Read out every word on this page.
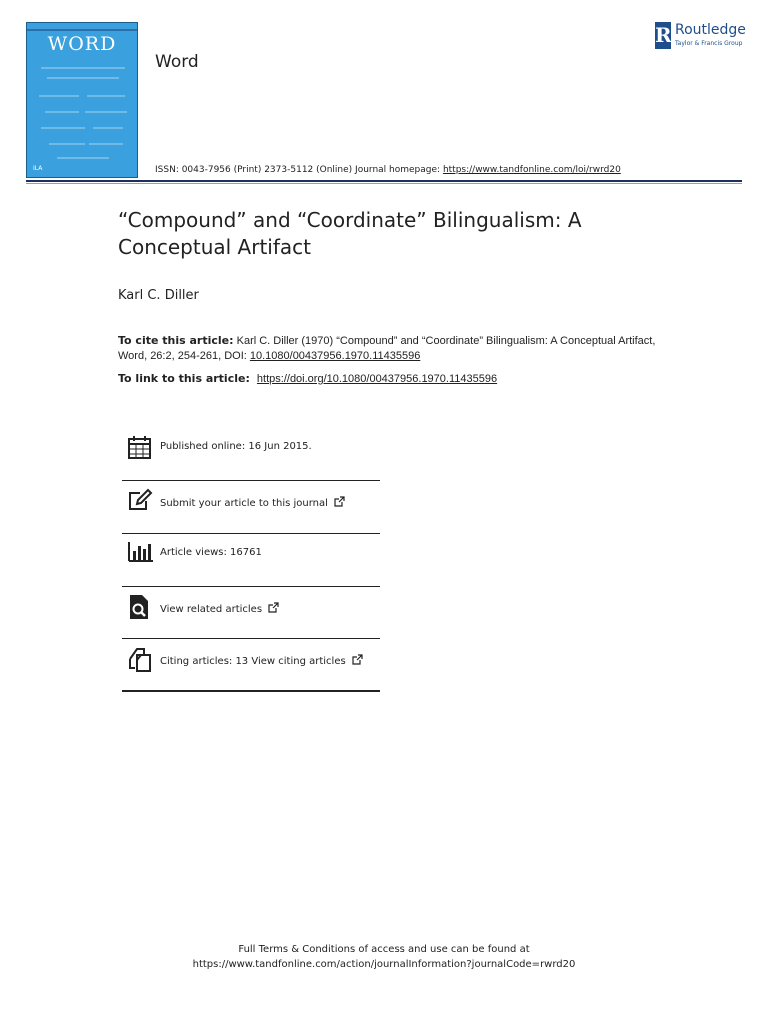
WORD
ILA
Word
R Routledge
Taylor & Francis Group
ISSN: 0043-7956 (Print) 2373-5112 (Online) Journal homepage: https://www.tandfonline.com/loi/rwrd20
“Compound” and “Coordinate” Bilingualism: A Conceptual Artifact
Karl C. Diller
To cite this article: Karl C. Diller (1970) “Compound” and “Coordinate” Bilingualism: A Conceptual Artifact, Word, 26:2, 254-261, DOI: 10.1080/00437956.1970.11435596
To link to this article: https://doi.org/10.1080/00437956.1970.11435596
Published online: 16 Jun 2015.
Submit your article to this journal
Article views: 16761
View related articles
Citing articles: 13 View citing articles
Full Terms & Conditions of access and use can be found at
https://www.tandfonline.com/action/journalInformation?journalCode=rwrd20
